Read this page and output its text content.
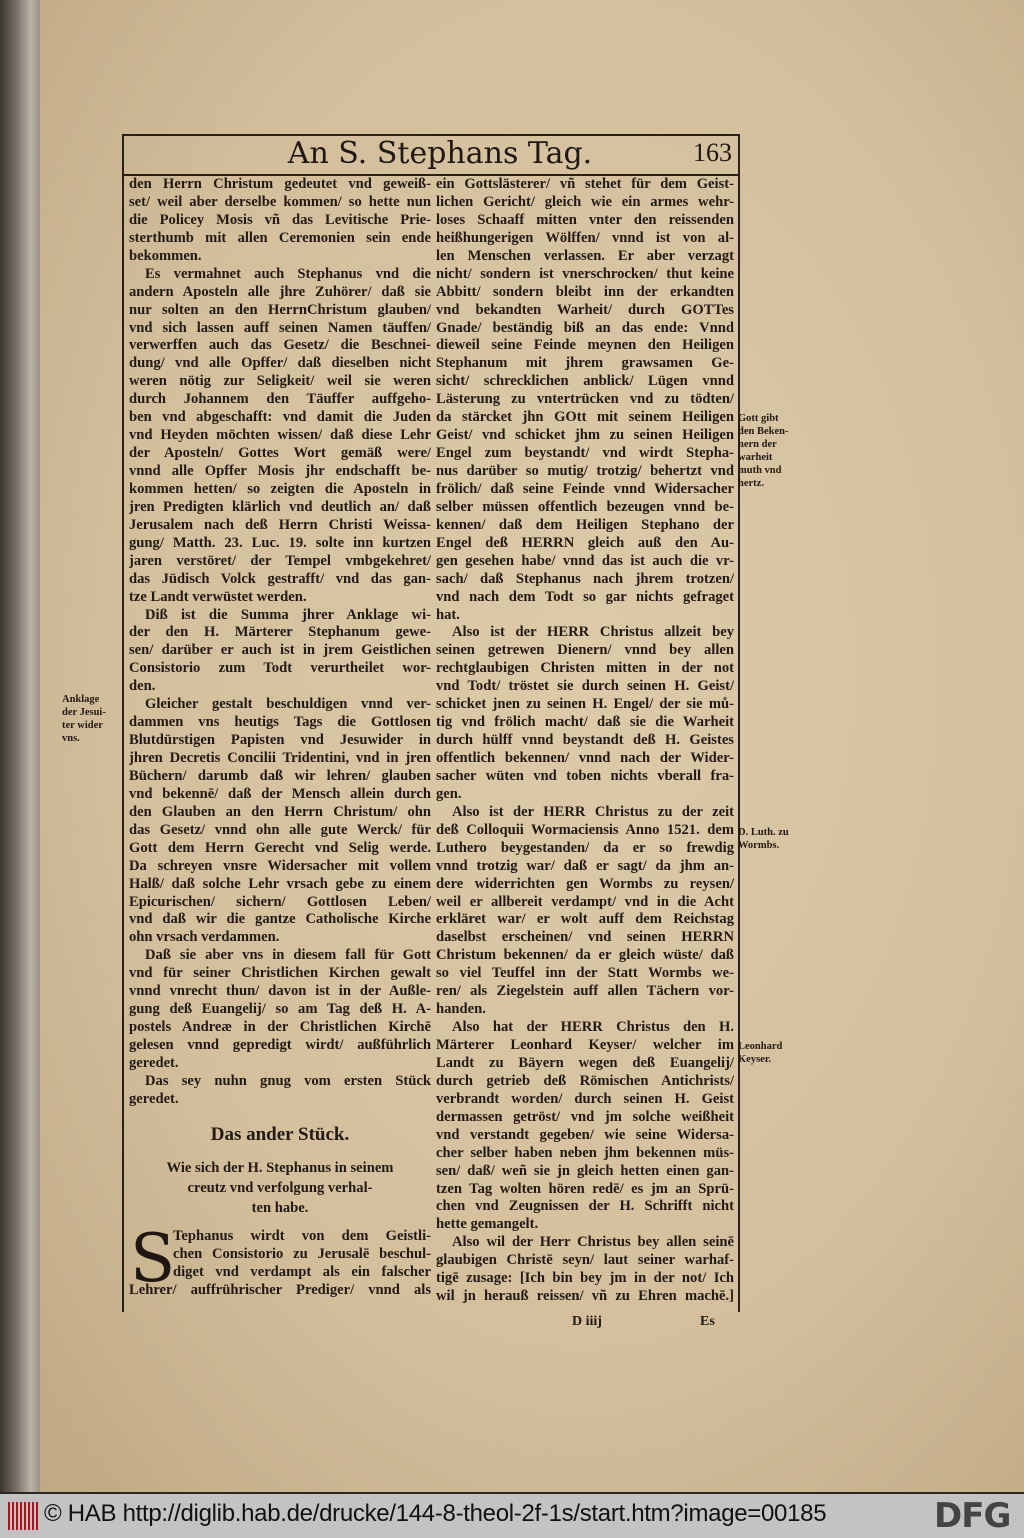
An S. Stephans Tag.	163
den Herrn Christum gedeutet vnd geweiß-
set/ weil aber derselbe kommen/ so hette nun
die Policey Mosis vñ das Levitische Prie-
sterthumb mit allen Ceremonien sein ende
bekommen.
Es vermahnet auch Stephanus vnd die
andern Aposteln alle jhre Zuhörer/ daß sie
nur solten an den HerrnChristum glauben/
vnd sich lassen auff seinen Namen täuffen/
verwerffen auch das Gesetz/ die Beschnei-
dung/ vnd alle Opffer/ daß dieselben nicht
weren nötig zur Seligkeit/ weil sie weren
durch Johannem den Täuffer auffgeho-
ben vnd abgeschafft: vnd damit die Juden
vnd Heyden möchten wissen/ daß diese Lehr
der Aposteln/ Gottes Wort gemäß were/
vnnd alle Opffer Mosis jhr endschafft be-
kommen hetten/ so zeigten die Aposteln in
jren Predigten klärlich vnd deutlich an/ daß
Jerusalem nach deß Herrn Christi Weissa-
gung/ Matth. 23. Luc. 19. solte inn kurtzen
jaren verstöret/ der Tempel vmbgekehret/
das Jüdisch Volck gestrafft/ vnd das gan-
tze Landt verwüstet werden.
Diß ist die Summa jhrer Anklage wi-
der den H. Märterer Stephanum gewe-
sen/ darüber er auch ist in jrem Geistlichen
Consistorio zum Todt verurtheilet wor-
den.
Gleicher gestalt beschuldigen vnnd ver-
dammen vns heutigs Tags die Gottlosen
Blutdürstigen Papisten vnd Jesuwider in
jhren Decretis Concilii Tridentini, vnd in jren
Büchern/ darumb daß wir lehren/ glauben
vnd bekennē/ daß der Mensch allein durch
den Glauben an den Herrn Christum/ ohn
das Gesetz/ vnnd ohn alle gute Werck/ für
Gott dem Herrn Gerecht vnd Selig werde.
Da schreyen vnsre Widersacher mit vollem
Halß/ daß solche Lehr vrsach gebe zu einem
Epicurischen/ sichern/ Gottlosen Leben/
vnd daß wir die gantze Catholische Kirche
ohn vrsach verdammen.
Daß sie aber vns in diesem fall für Gott
vnd für seiner Christlichen Kirchen gewalt
vnnd vnrecht thun/ davon ist in der Außle-
gung deß Euangelij/ so am Tag deß H. A-
postels Andreæ in der Christlichen Kirchē
gelesen vnnd gepredigt wirdt/ außführlich
geredet.
Das sey nuhn gnug vom ersten Stück
geredet.
ein Gottslästerer/ vñ stehet für dem Geist-
lichen Gericht/ gleich wie ein armes wehr-
loses Schaaff mitten vnter den reissenden
heißhungerigen Wölffen/ vnnd ist von al-
len Menschen verlassen. Er aber verzagt
nicht/ sondern ist vnerschrocken/ thut keine
Abbitt/ sondern bleibt inn der erkandten
vnd bekandten Warheit/ durch GOTTes
Gnade/ beständig biß an das ende: Vnnd
dieweil seine Feinde meynen den Heiligen
Stephanum mit jhrem grawsamen Ge-
sicht/ schrecklichen anblick/ Lügen vnnd
Lästerung zu vntertrücken vnd zu tödten/
da stärcket jhn GOtt mit seinem Heiligen
Geist/ vnd schicket jhm zu seinen Heiligen
Engel zum beystandt/ vnd wirdt Stepha-
nus darüber so mutig/ trotzig/ behertzt vnd
frölich/ daß seine Feinde vnnd Widersacher
selber müssen offentlich bezeugen vnnd be-
kennen/ daß dem Heiligen Stephano der
Engel deß HERRN gleich auß den Au-
gen gesehen habe/ vnnd das ist auch die vr-
sach/ daß Stephanus nach jhrem trotzen/
vnd nach dem Todt so gar nichts gefraget
hat.
Also ist der HERR Christus allzeit bey
seinen getrewen Dienern/ vnnd bey allen
rechtglaubigen Christen mitten in der not
vnd Todt/ tröstet sie durch seinen H. Geist/
schicket jnen zu seinen H. Engel/ der sie mů-
tig vnd frölich macht/ daß sie die Warheit
durch hülff vnnd beystandt deß H. Geistes
offentlich bekennen/ vnnd nach der Wider-
sacher wüten vnd toben nichts vberall fra-
gen.
Also ist der HERR Christus zu der zeit
deß Colloquii Wormaciensis Anno 1521. dem
Luthero beygestanden/ da er so frewdig
vnnd trotzig war/ daß er sagt/ da jhm an-
dere widerrichten gen Wormbs zu reysen/
weil er allbereit verdampt/ vnd in die Acht
erkläret war/ er wolt auff dem Reichstag
daselbst erscheinen/ vnd seinen HERRN
Christum bekennen/ da er gleich wüste/ daß
so viel Teuffel inn der Statt Wormbs we-
ren/ als Ziegelstein auff allen Tächern vor-
handen.
Also hat der HERR Christus den H.
Märterer Leonhard Keyser/ welcher im
Landt zu Bäyern wegen deß Euangelij/
durch getrieb deß Römischen Antichrists/
verbrandt worden/ durch seinen H. Geist
dermassen getröst/ vnd jm solche weißheit
vnd verstandt gegeben/ wie seine Widersa-
cher selber haben neben jhm bekennen müs-
sen/ daß/ weñ sie jn gleich hetten einen gan-
tzen Tag wolten hören redē/ es jm an Sprü-
chen vnd Zeugnissen der H. Schrifft nicht
hette gemangelt.
Also wil der Herr Christus bey allen seinē
glaubigen Christē seyn/ laut seiner warhaf-
tigē zusage: [Ich bin bey jm in der not/ Ich
wil jn herauß reissen/ vñ zu Ehren machē.]
Das ander Stück.
Wie sich der H. Stephanus in seinem
creutz vnd verfolgung verhal-
ten habe.
S
Tephanus wirdt von dem Geistli-
chen Consistorio zu Jerusalē beschul-
diget vnd verdampt als ein falscher
Lehrer/ auffrührischer Prediger/ vnnd als
Anklage
der Jesui-
ter wider
vns.
Gott gibt
den Beken-
nern der
warheit
muth vnd
hertz.
D. Luth. zu
Wormbs.
Leonhard
Keyser.
D iiij	Es
© HAB http://diglib.hab.de/drucke/144-8-theol-2f-1s/start.htm?image=00185	DFG
